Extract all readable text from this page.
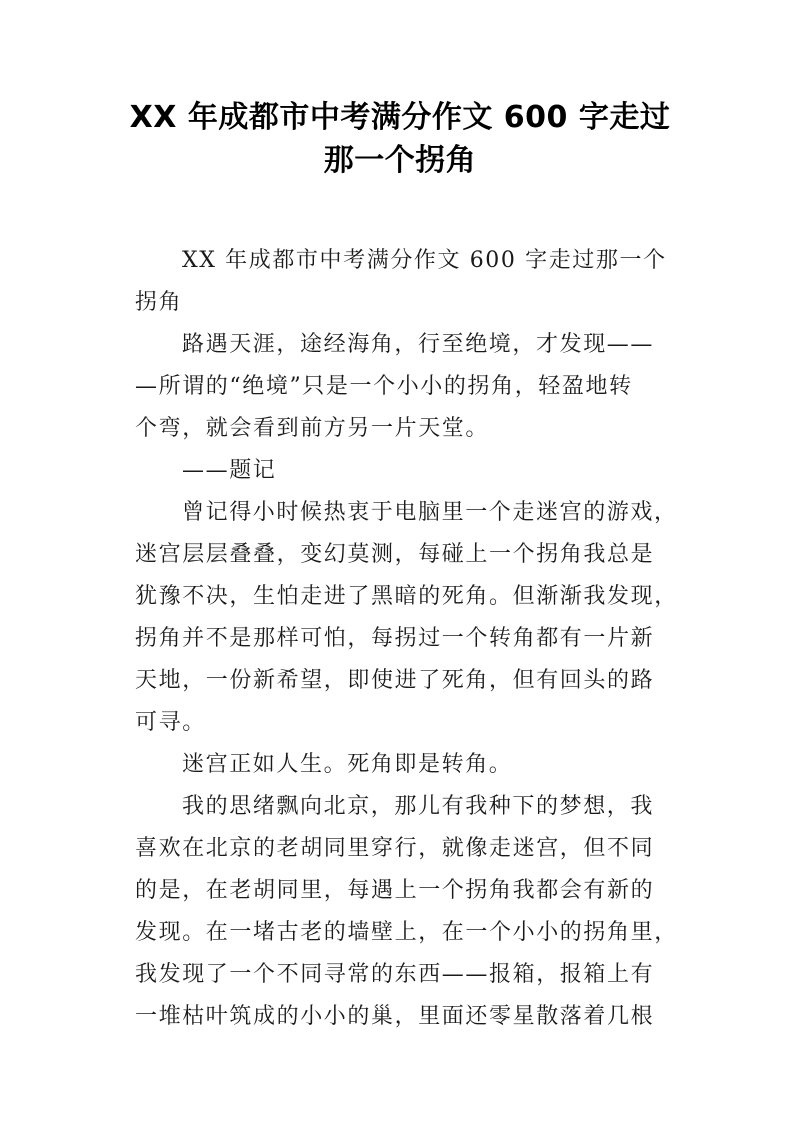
XX 年成都市中考满分作文 600 字走过
那一个拐角
XX 年成都市中考满分作文 600 字走过那一个
拐角
路遇天涯，途经海角，行至绝境，才发现——
—所谓的“绝境”只是一个小小的拐角，轻盈地转
个弯，就会看到前方另一片天堂。
——题记
曾记得小时候热衷于电脑里一个走迷宫的游戏，
迷宫层层叠叠，变幻莫测，每碰上一个拐角我总是
犹豫不决，生怕走进了黑暗的死角。但渐渐我发现，
拐角并不是那样可怕，每拐过一个转角都有一片新
天地，一份新希望，即使进了死角，但有回头的路
可寻。
迷宫正如人生。死角即是转角。
我的思绪飘向北京，那儿有我种下的梦想，我
喜欢在北京的老胡同里穿行，就像走迷宫，但不同
的是，在老胡同里，每遇上一个拐角我都会有新的
发现。在一堵古老的墙壁上，在一个小小的拐角里，
我发现了一个不同寻常的东西——报箱，报箱上有
一堆枯叶筑成的小小的巢，里面还零星散落着几根
